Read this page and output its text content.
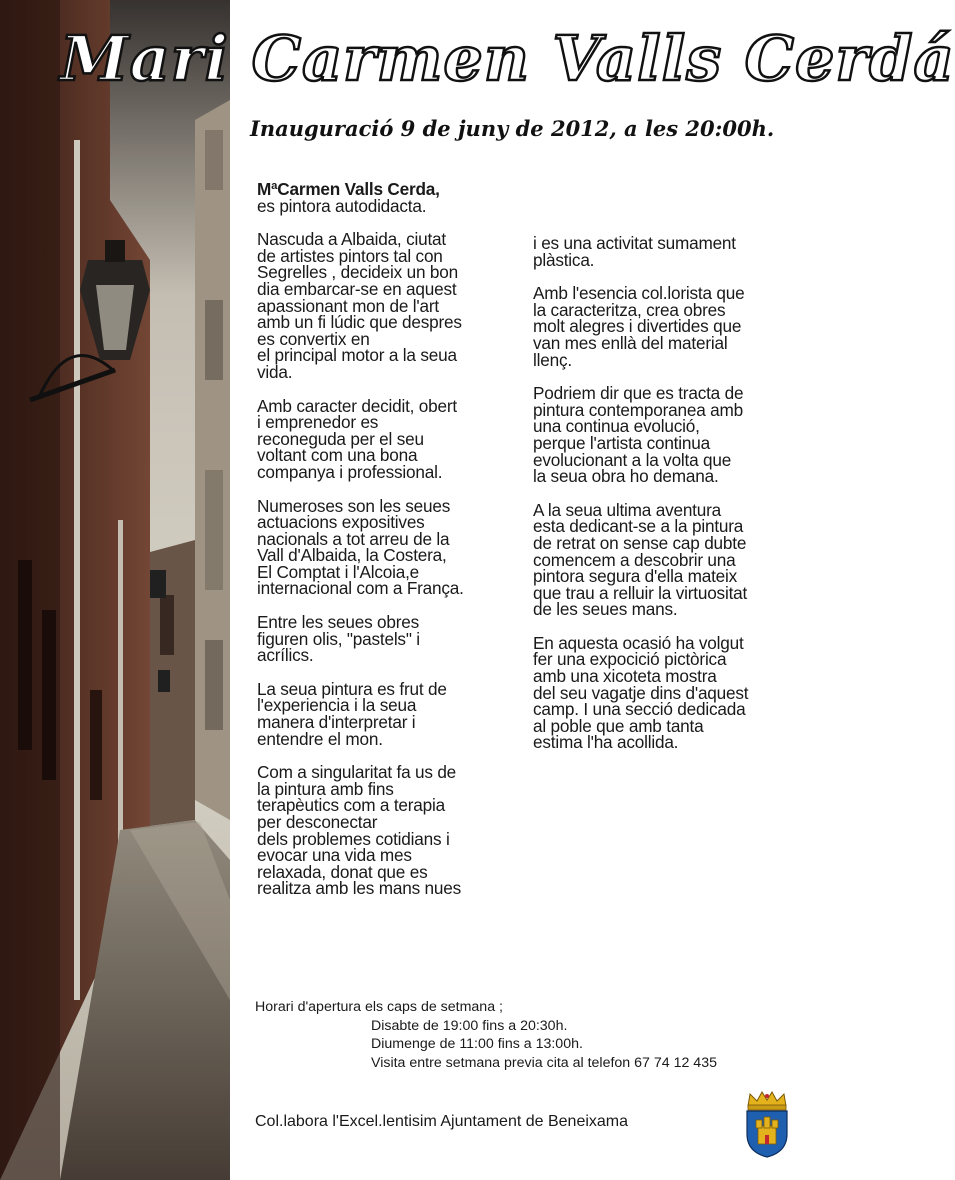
Mari Carmen Valls Cerdá
Inauguració 9 de juny de 2012, a les 20:00h.

MªCarmen Valls Cerda,
es pintora autodidacta.

Nascuda a Albaida, ciutat
de artistes pintors tal con
Segrelles , decideix un bon
dia embarcar-se en aquest
apassionant mon de l'art
amb un fi lúdic que despres
es convertix en
el principal motor a la seua
vida.

Amb caracter decidit, obert
i emprenedor es
reconeguda per el seu
voltant com una bona
companya i professional.

Numeroses son les seues
actuacions expositives
nacionals a tot arreu de la
Vall d'Albaida, la Costera,
El Comptat i l'Alcoia,e
internacional com a França.

Entre les seues obres
figuren olis, "pastels" i
acrílics.

La seua pintura es frut de
l'experiencia i la seua
manera d'interpretar i
entendre el mon.

Com a singularitat fa us de
la pintura amb fins
terapèutics com a terapia
per desconectar
dels problemes cotidians i
evocar una vida mes
relaxada, donat que es
realitza amb les mans nues

i es una activitat sumament
plàstica.

Amb l'esencia col.lorista que
la caracteritza, crea obres
molt alegres i divertides que
van mes enllà del material
llenç.

Podriem dir que es tracta de
pintura contemporanea amb
una continua evolució,
perque l'artista continua
evolucionant a la volta que
la seua obra ho demana.

A la seua ultima aventura
esta dedicant-se a la pintura
de retrat on sense cap dubte
comencem a descobrir una
pintora segura d'ella mateix
que trau a relluir la virtuositat
de les seues mans.

En aquesta ocasió ha volgut
fer una expocició pictòrica
amb una xicoteta mostra
del seu vagatje dins d'aquest
camp. I una secció dedicada
al poble que amb tanta
estima l'ha acollida.

Horari d'apertura els caps de setmana ;
Disabte de 19:00 fins a 20:30h.
Diumenge de 11:00 fins a 13:00h.
Visita entre setmana previa cita al telefon 67 74 12 435
Col.labora l'Excel.lentisim Ajuntament de Beneixama
